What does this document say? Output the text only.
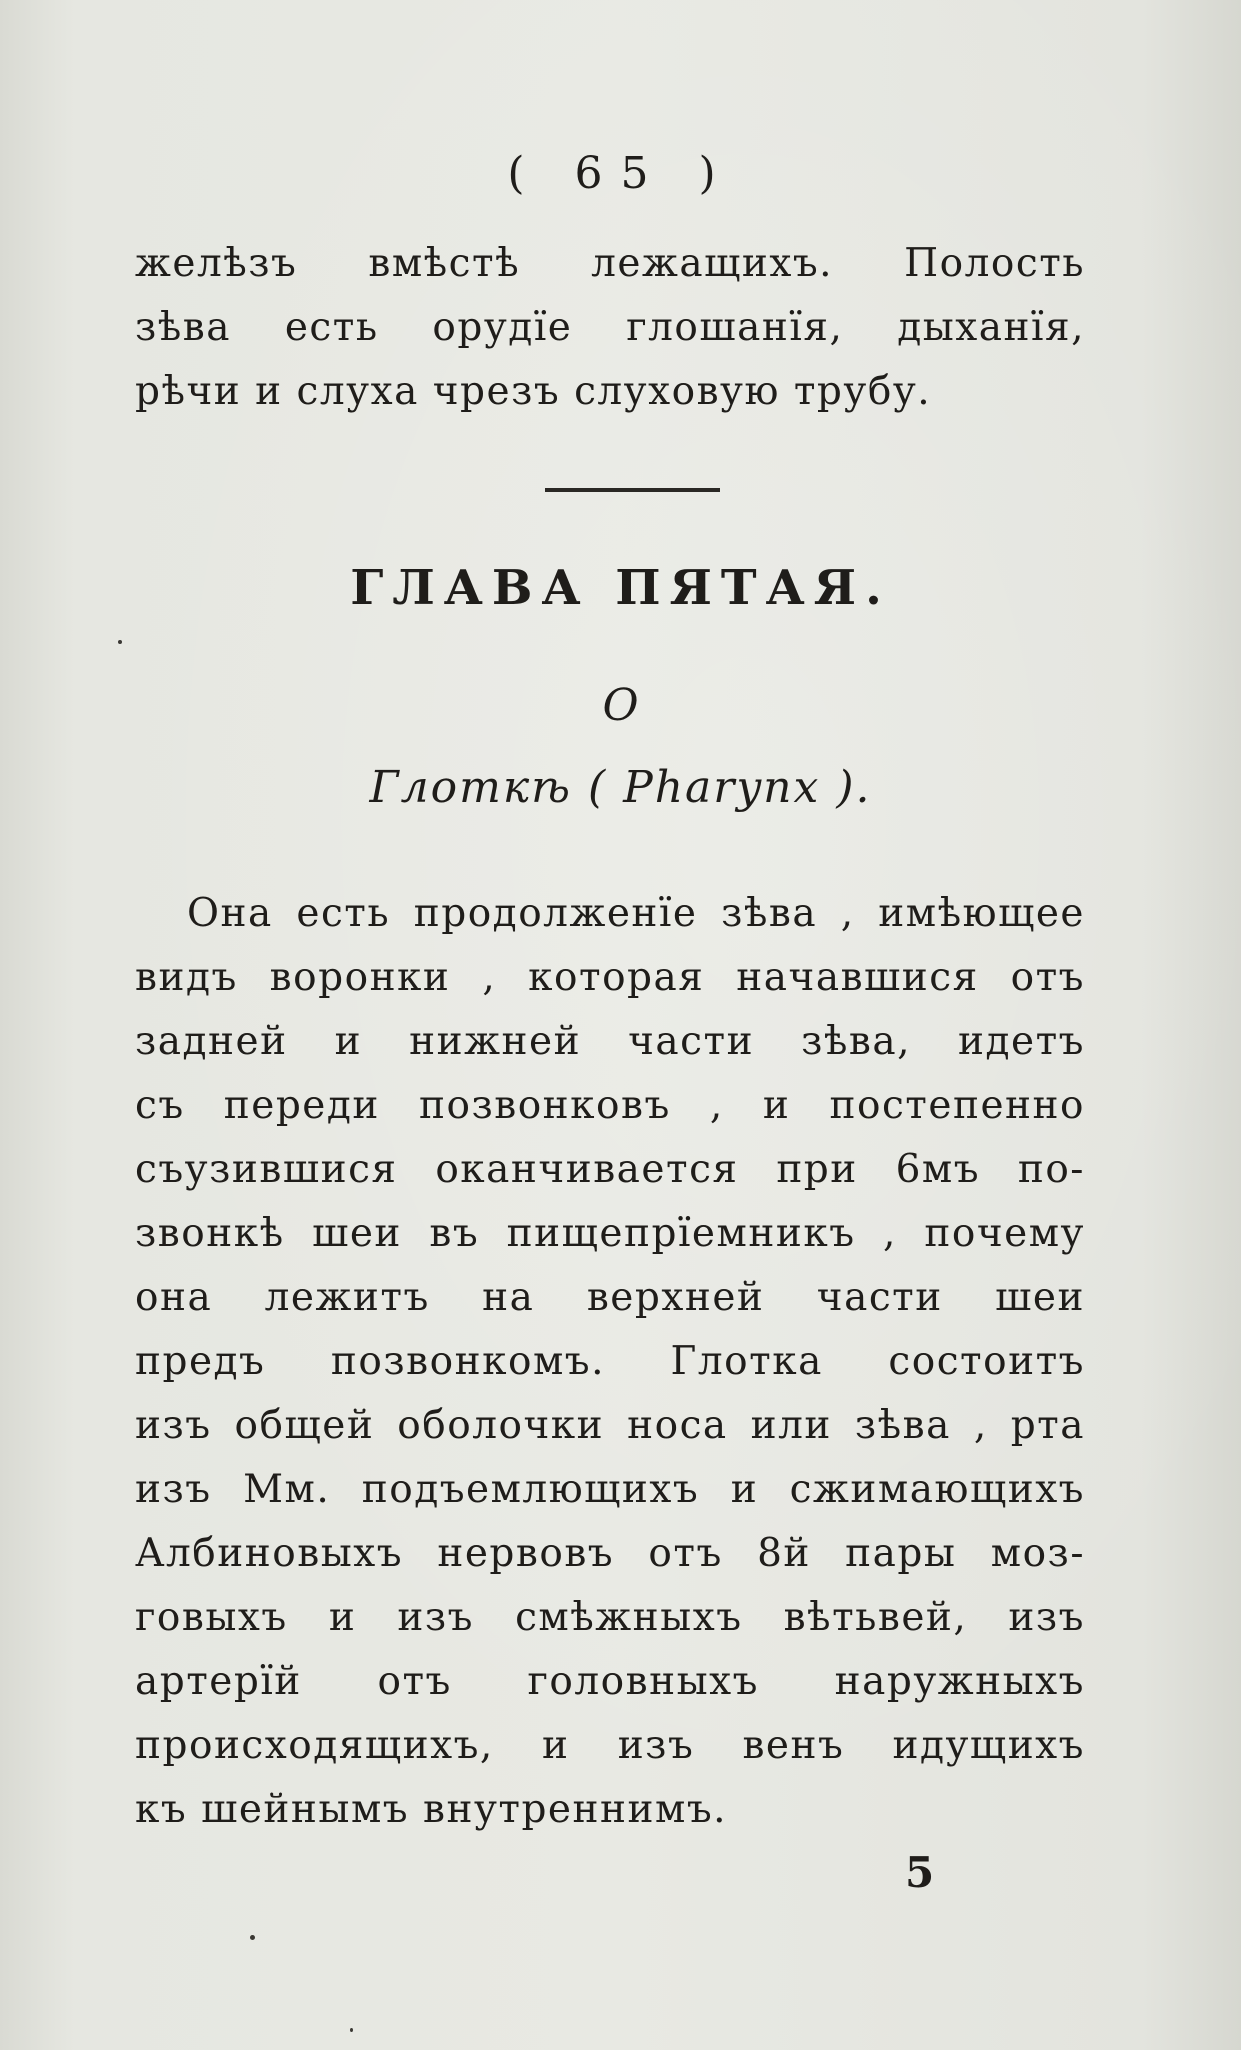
( 65 )
желѣзъ вмѣстѣ лежащихъ. Полость
зѣва есть орудїе глошанїя, дыханїя,
рѣчи и слуха чрезъ слуховую трубу.
ГЛАВА ПЯТАЯ.
О
Глоткѣ ( Pharynx ).
Она есть продолженїе зѣва , имѣющее
видъ воронки , которая начавшися отъ
задней и нижней части зѣва, идетъ
съ переди позвонковъ , и постепенно
съузившися оканчивается при 6мъ по-
звонкѣ шеи въ пищепрїемникъ , почему
она лежитъ на верхней части шеи
предъ позвонкомъ. Глотка состоитъ
изъ общей оболочки носа или зѣва , рта
изъ Мм. подъемлющихъ и сжимающихъ
Албиновыхъ нервовъ отъ 8й пары моз-
говыхъ и изъ смѣжныхъ вѣтьвей, изъ
артерїй отъ головныхъ наружныхъ
происходящихъ, и изъ венъ идущихъ
къ шейнымъ внутреннимъ.
5
